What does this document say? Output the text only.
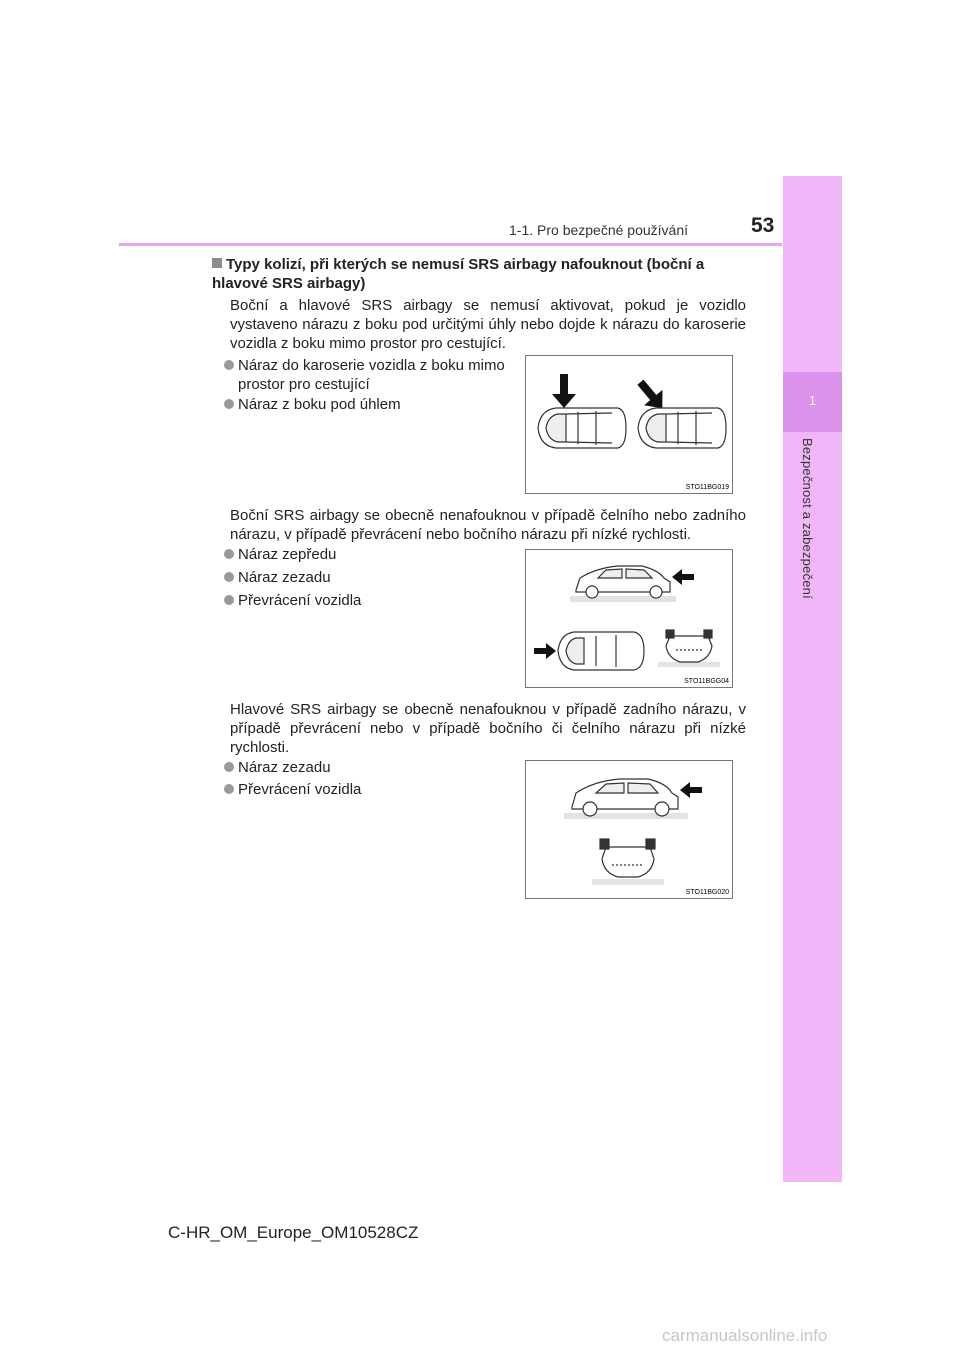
1
Bezpečnost a zabezpečení
1-1. Pro bezpečné používání	53
Typy kolizí, při kterých se nemusí SRS airbagy nafouknout (boční a hlavové SRS airbagy)
Boční a hlavové SRS airbagy se nemusí aktivovat, pokud je vozidlo vystaveno nárazu z boku pod určitými úhly nebo dojde k nárazu do karoserie vozidla z boku mimo prostor pro cestující.
Náraz do karoserie vozidla z boku mimo prostor pro cestující
Náraz z boku pod úhlem
STO11BG019
Boční SRS airbagy se obecně nenafouknou v případě čelního nebo zadního nárazu, v případě převrácení nebo bočního nárazu při nízké rychlosti.
Náraz zepředu
Náraz zezadu
Převrácení vozidla
STO11BGG04
Hlavové SRS airbagy se obecně nenafouknou v případě zadního nárazu, v případě převrácení nebo v případě bočního či čelního nárazu při nízké rychlosti.
Náraz zezadu
Převrácení vozidla
STO11BG020
C-HR_OM_Europe_OM10528CZ
carmanualsonline.info
